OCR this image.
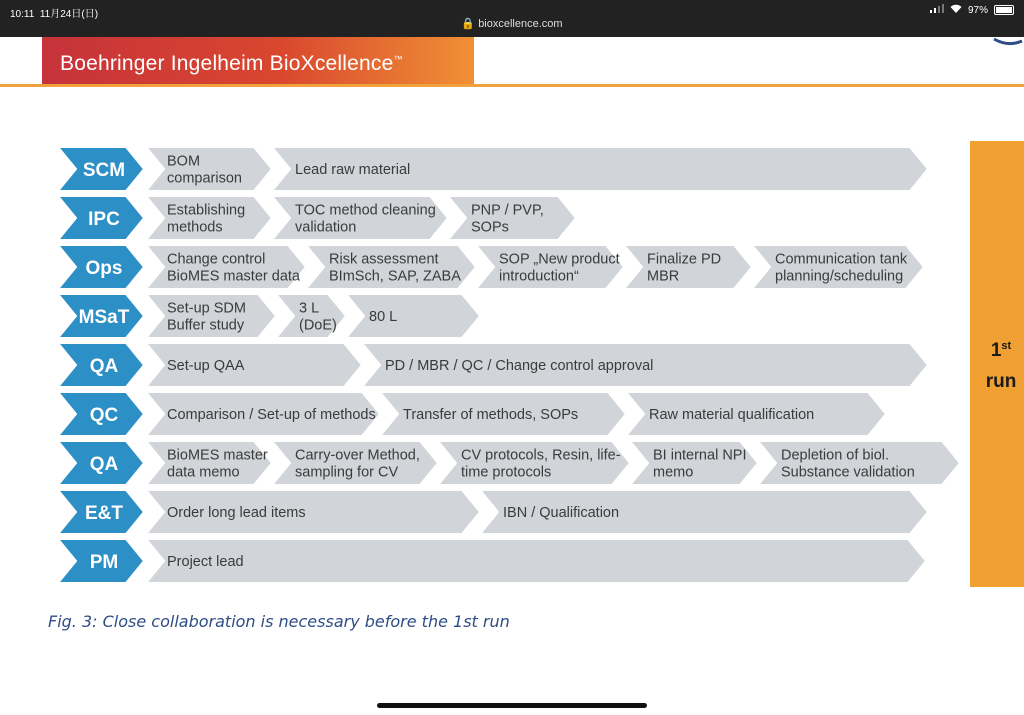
10:11 11月24日(日)
🔒 bioxcellence.com
97%
Boehringer Ingelheim BioXcellence™
Lead raw material
BOM
comparison
SCM
PNP / PVP,
SOPs
TOC method cleaning
validation
Establishing
methods
IPC
Communication tank
planning/scheduling
Finalize PD
MBR
SOP „New product
introduction“
Risk assessment
BImSch, SAP, ZABA
Change control
BioMES master data
Ops
80 L
3 L
(DoE)
Set-up SDM
Buffer study
MSaT
PD / MBR / QC / Change control approval
Set-up QAA
QA
Raw material qualification
Transfer of methods, SOPs
Comparison / Set-up of methods
QC
Depletion of biol.
Substance validation
BI internal NPI
memo
CV protocols, Resin, life-
time protocols
Carry-over Method,
sampling for CV
BioMES master
data memo
QA
IBN / Qualification
Order long lead items
E&T
Project lead
PM
1st
run
Fig. 3: Close collaboration is necessary before the 1st run
